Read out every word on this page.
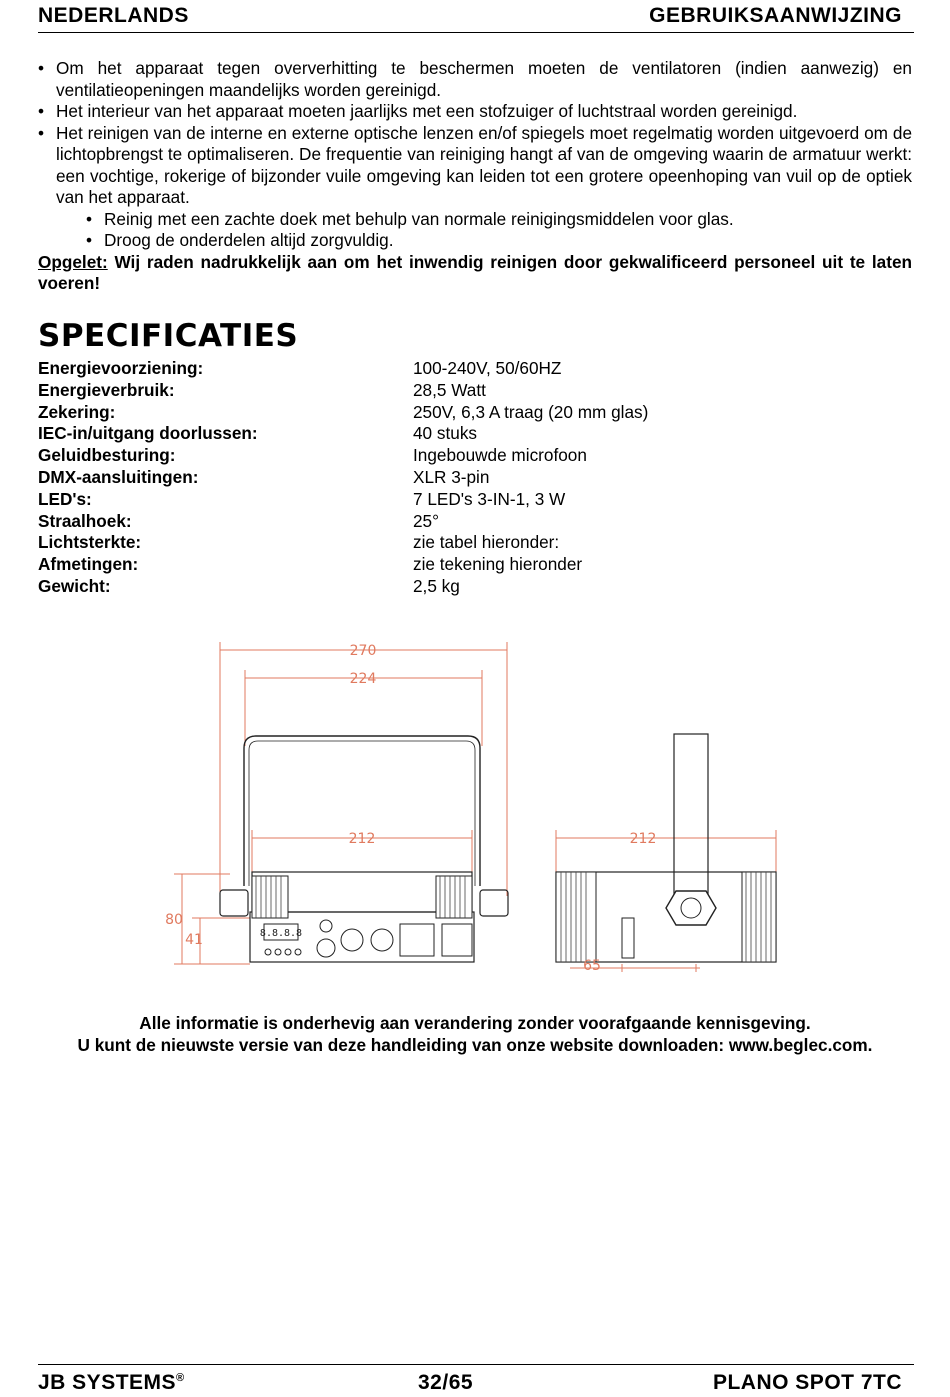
NEDERLANDS	GEBRUIKSAANWIJZING
• Om het apparaat tegen oververhitting te beschermen moeten de ventilatoren (indien aanwezig) en ventilatieopeningen maandelijks worden gereinigd.
• Het interieur van het apparaat moeten jaarlijks met een stofzuiger of luchtstraal worden gereinigd.
• Het reinigen van de interne en externe optische lenzen en/of spiegels moet regelmatig worden uitgevoerd om de lichtopbrengst te optimaliseren. De frequentie van reiniging hangt af van de omgeving waarin de armatuur werkt: een vochtige, rokerige of bijzonder vuile omgeving kan leiden tot een grotere opeenhoping van vuil op de optiek van het apparaat.
• Reinig met een zachte doek met behulp van normale reinigingsmiddelen voor glas.
• Droog de onderdelen altijd zorgvuldig.
Opgelet: Wij raden nadrukkelijk aan om het inwendig reinigen door gekwalificeerd personeel uit te laten voeren!
SPECIFICATIES
Energievoorziening:	100-240V, 50/60HZ
Energieverbruik:	28,5 Watt
Zekering:	250V, 6,3 A traag (20 mm glas)
IEC-in/uitgang doorlussen:	40 stuks
Geluidbesturing:	Ingebouwde microfoon
DMX-aansluitingen:	XLR 3-pin
LED's:	7 LED's 3-IN-1, 3 W
Straalhoek:	25°
Lichtsterkte:	zie tabel hieronder:
Afmetingen:	zie tekening hieronder
Gewicht:	2,5 kg
270
224
212	212
80
41
65
8.8.8.8
Alle informatie is onderhevig aan verandering zonder voorafgaande kennisgeving.
U kunt de nieuwste versie van deze handleiding van onze website downloaden: www.beglec.com.
JB SYSTEMS®	32/65	PLANO SPOT 7TC
